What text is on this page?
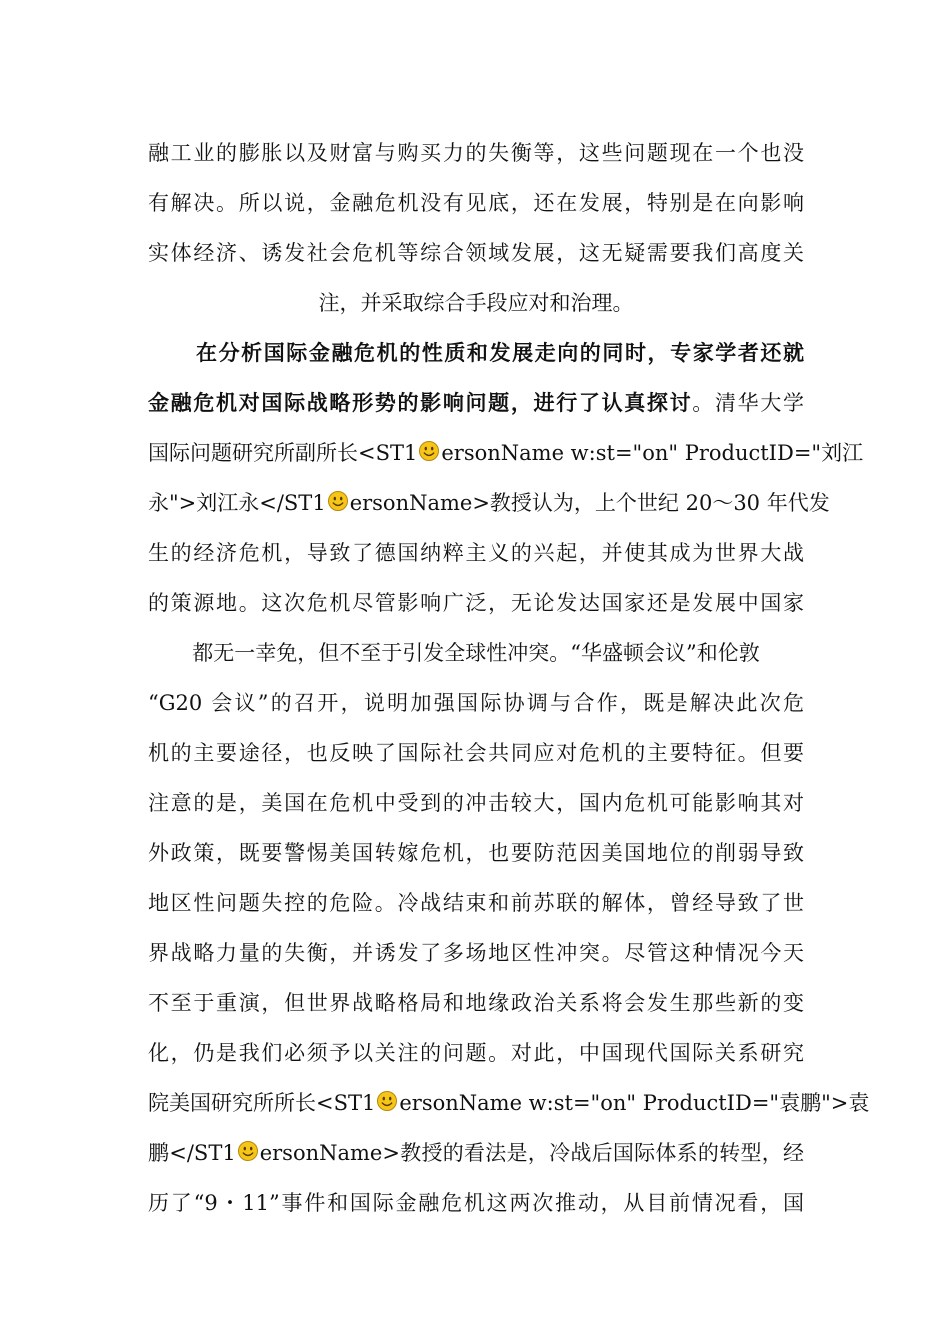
融工业的膨胀以及财富与购买力的失衡等，这些问题现在一个也没
有解决。所以说，金融危机没有见底，还在发展，特别是在向影响
实体经济、诱发社会危机等综合领域发展，这无疑需要我们高度关
注，并采取综合手段应对和治理。
在分析国际金融危机的性质和发展走向的同时，专家学者还就
金融危机对国际战略形势的影响问题，进行了认真探讨。清华大学
国际问题研究所副所长<ST1 ersonName w:st="on" ProductID="刘江
永">刘江永</ST1 ersonName>教授认为，上个世纪 20～30 年代发
生的经济危机，导致了德国纳粹主义的兴起，并使其成为世界大战
的策源地。这次危机尽管影响广泛，无论发达国家还是发展中国家
都无一幸免，但不至于引发全球性冲突。“华盛顿会议”和伦敦
“G20 会议”的召开，说明加强国际协调与合作，既是解决此次危
机的主要途径，也反映了国际社会共同应对危机的主要特征。但要
注意的是，美国在危机中受到的冲击较大，国内危机可能影响其对
外政策，既要警惕美国转嫁危机，也要防范因美国地位的削弱导致
地区性问题失控的危险。冷战结束和前苏联的解体，曾经导致了世
界战略力量的失衡，并诱发了多场地区性冲突。尽管这种情况今天
不至于重演，但世界战略格局和地缘政治关系将会发生那些新的变
化，仍是我们必须予以关注的问题。对此，中国现代国际关系研究
院美国研究所所长<ST1 ersonName w:st="on" ProductID="袁鹏">袁
鹏</ST1 ersonName>教授的看法是，冷战后国际体系的转型，经
历了“9・11”事件和国际金融危机这两次推动，从目前情况看，国
